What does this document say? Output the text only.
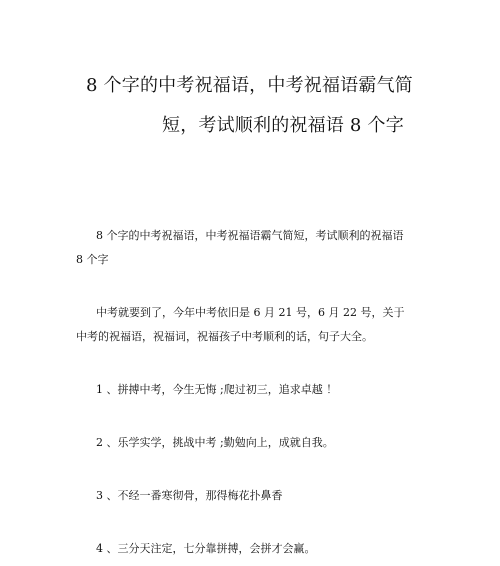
8 个字的中考祝福语，中考祝福语霸气简
短，考试顺利的祝福语 8 个字
8 个字的中考祝福语，中考祝福语霸气简短，考试顺利的祝福语
8 个字
中考就要到了，今年中考依旧是 6 月 21 号，6 月 22 号，关于
中考的祝福语，祝福词，祝福孩子中考顺利的话，句子大全。
1 、拼搏中考，今生无悔 ;爬过初三，追求卓越 ！
2 、乐学实学，挑战中考 ;勤勉向上，成就自我。
3 、不经一番寒彻骨，那得梅花扑鼻香
4 、三分天注定，七分靠拼搏，会拼才会赢。
